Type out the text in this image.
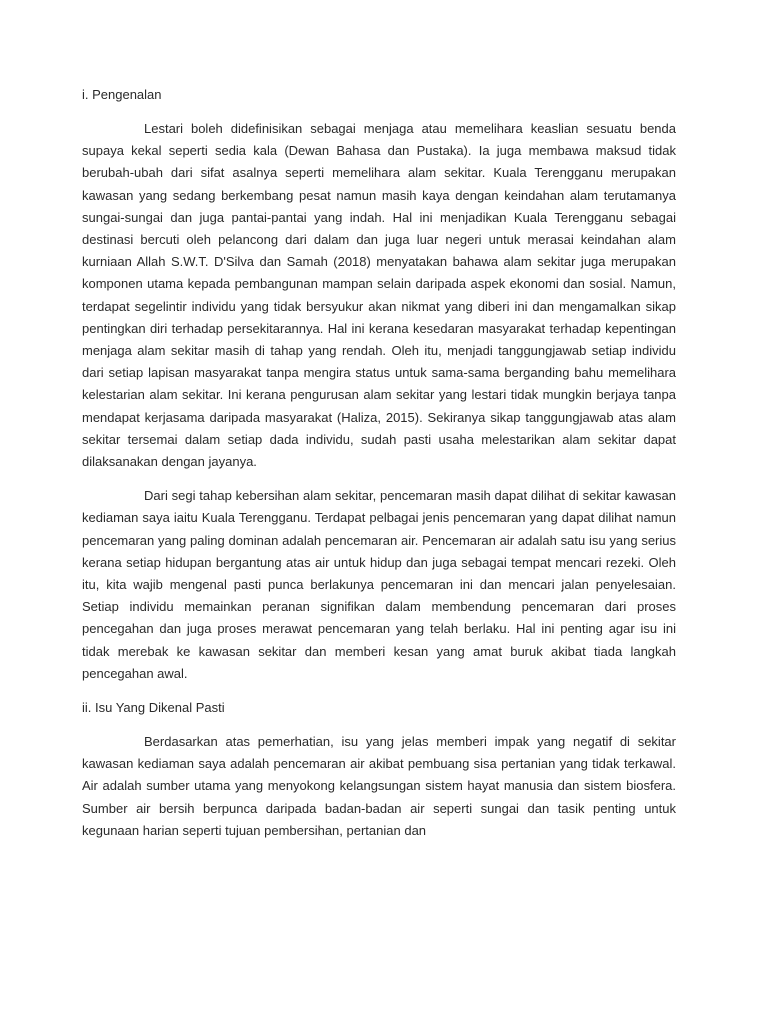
i. Pengenalan

Lestari boleh didefinisikan sebagai menjaga atau memelihara keaslian sesuatu benda supaya kekal seperti sedia kala (Dewan Bahasa dan Pustaka). Ia juga membawa maksud tidak berubah-ubah dari sifat asalnya seperti memelihara alam sekitar. Kuala Terengganu merupakan kawasan yang sedang berkembang pesat namun masih kaya dengan keindahan alam terutamanya sungai-sungai dan juga pantai-pantai yang indah. Hal ini menjadikan Kuala Terengganu sebagai destinasi bercuti oleh pelancong dari dalam dan juga luar negeri untuk merasai keindahan alam kurniaan Allah S.W.T. D'Silva dan Samah (2018) menyatakan bahawa alam sekitar juga merupakan komponen utama kepada pembangunan mampan selain daripada aspek ekonomi dan sosial. Namun, terdapat segelintir individu yang tidak bersyukur akan nikmat yang diberi ini dan mengamalkan sikap pentingkan diri terhadap persekitarannya. Hal ini kerana kesedaran masyarakat terhadap kepentingan menjaga alam sekitar masih di tahap yang rendah. Oleh itu, menjadi tanggungjawab setiap individu dari setiap lapisan masyarakat tanpa mengira status untuk sama-sama berganding bahu memelihara kelestarian alam sekitar. Ini kerana pengurusan alam sekitar yang lestari tidak mungkin berjaya tanpa mendapat kerjasama daripada masyarakat (Haliza, 2015). Sekiranya sikap tanggungjawab atas alam sekitar tersemai dalam setiap dada individu, sudah pasti usaha melestarikan alam sekitar dapat dilaksanakan dengan jayanya.

Dari segi tahap kebersihan alam sekitar, pencemaran masih dapat dilihat di sekitar kawasan kediaman saya iaitu Kuala Terengganu. Terdapat pelbagai jenis pencemaran yang dapat dilihat namun pencemaran yang paling dominan adalah pencemaran air. Pencemaran air adalah satu isu yang serius kerana setiap hidupan bergantung atas air untuk hidup dan juga sebagai tempat mencari rezeki. Oleh itu, kita wajib mengenal pasti punca berlakunya pencemaran ini dan mencari jalan penyelesaian. Setiap individu memainkan peranan signifikan dalam membendung pencemaran dari proses pencegahan dan juga proses merawat pencemaran yang telah berlaku. Hal ini penting agar isu ini tidak merebak ke kawasan sekitar dan memberi kesan yang amat buruk akibat tiada langkah pencegahan awal.

ii. Isu Yang Dikenal Pasti

Berdasarkan atas pemerhatian, isu yang jelas memberi impak yang negatif di sekitar kawasan kediaman saya adalah pencemaran air akibat pembuang sisa pertanian yang tidak terkawal. Air adalah sumber utama yang menyokong kelangsungan sistem hayat manusia dan sistem biosfera. Sumber air bersih berpunca daripada badan-badan air seperti sungai dan tasik penting untuk kegunaan harian seperti tujuan pembersihan, pertanian dan
